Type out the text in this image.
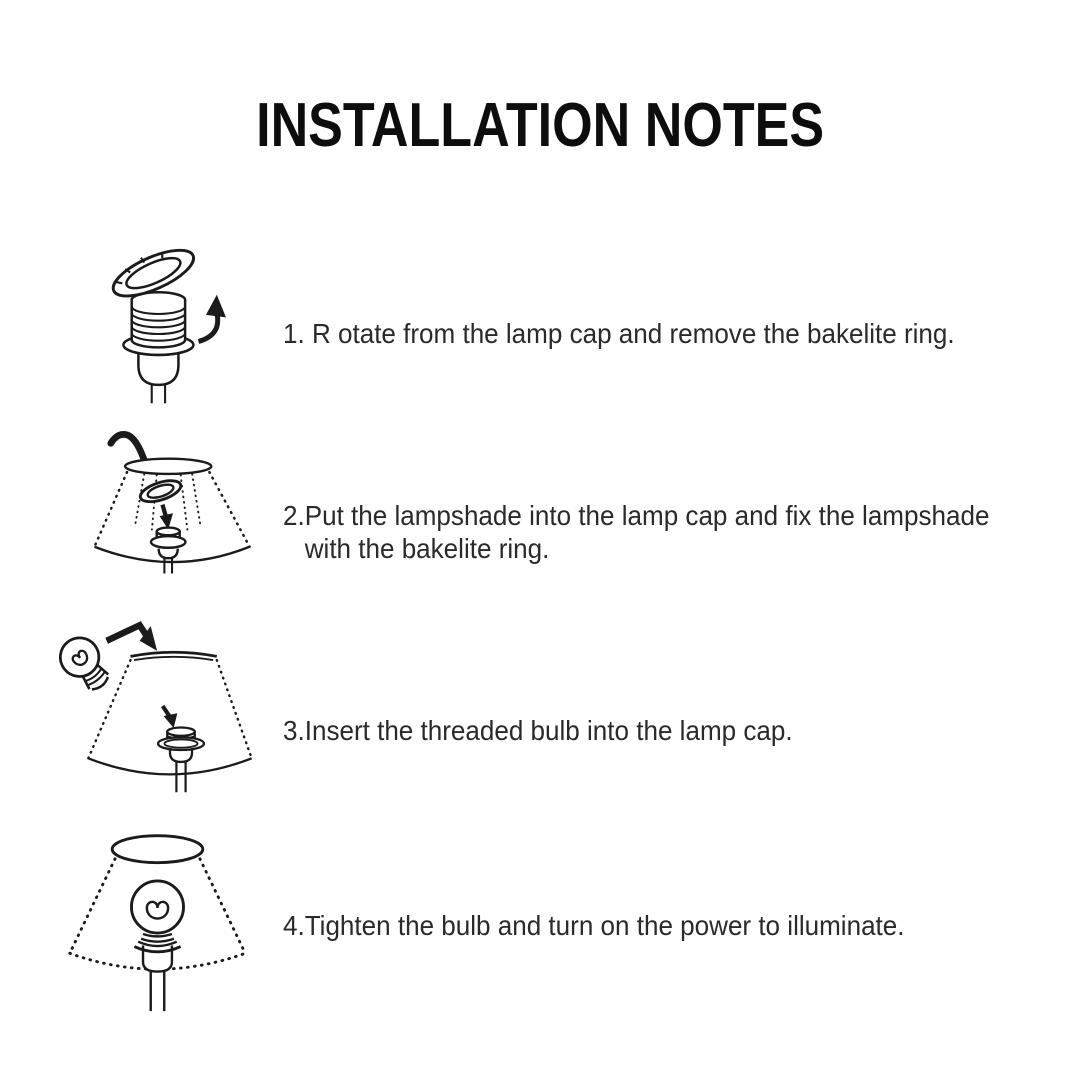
INSTALLATION NOTES
1. R otate from the lamp cap and remove the bakelite ring.
2. Put the lampshade into the lamp cap and fix the lampshade with the bakelite ring.
3. Insert the threaded bulb into the lamp cap.
4. Tighten the bulb and turn on the power to illuminate.
